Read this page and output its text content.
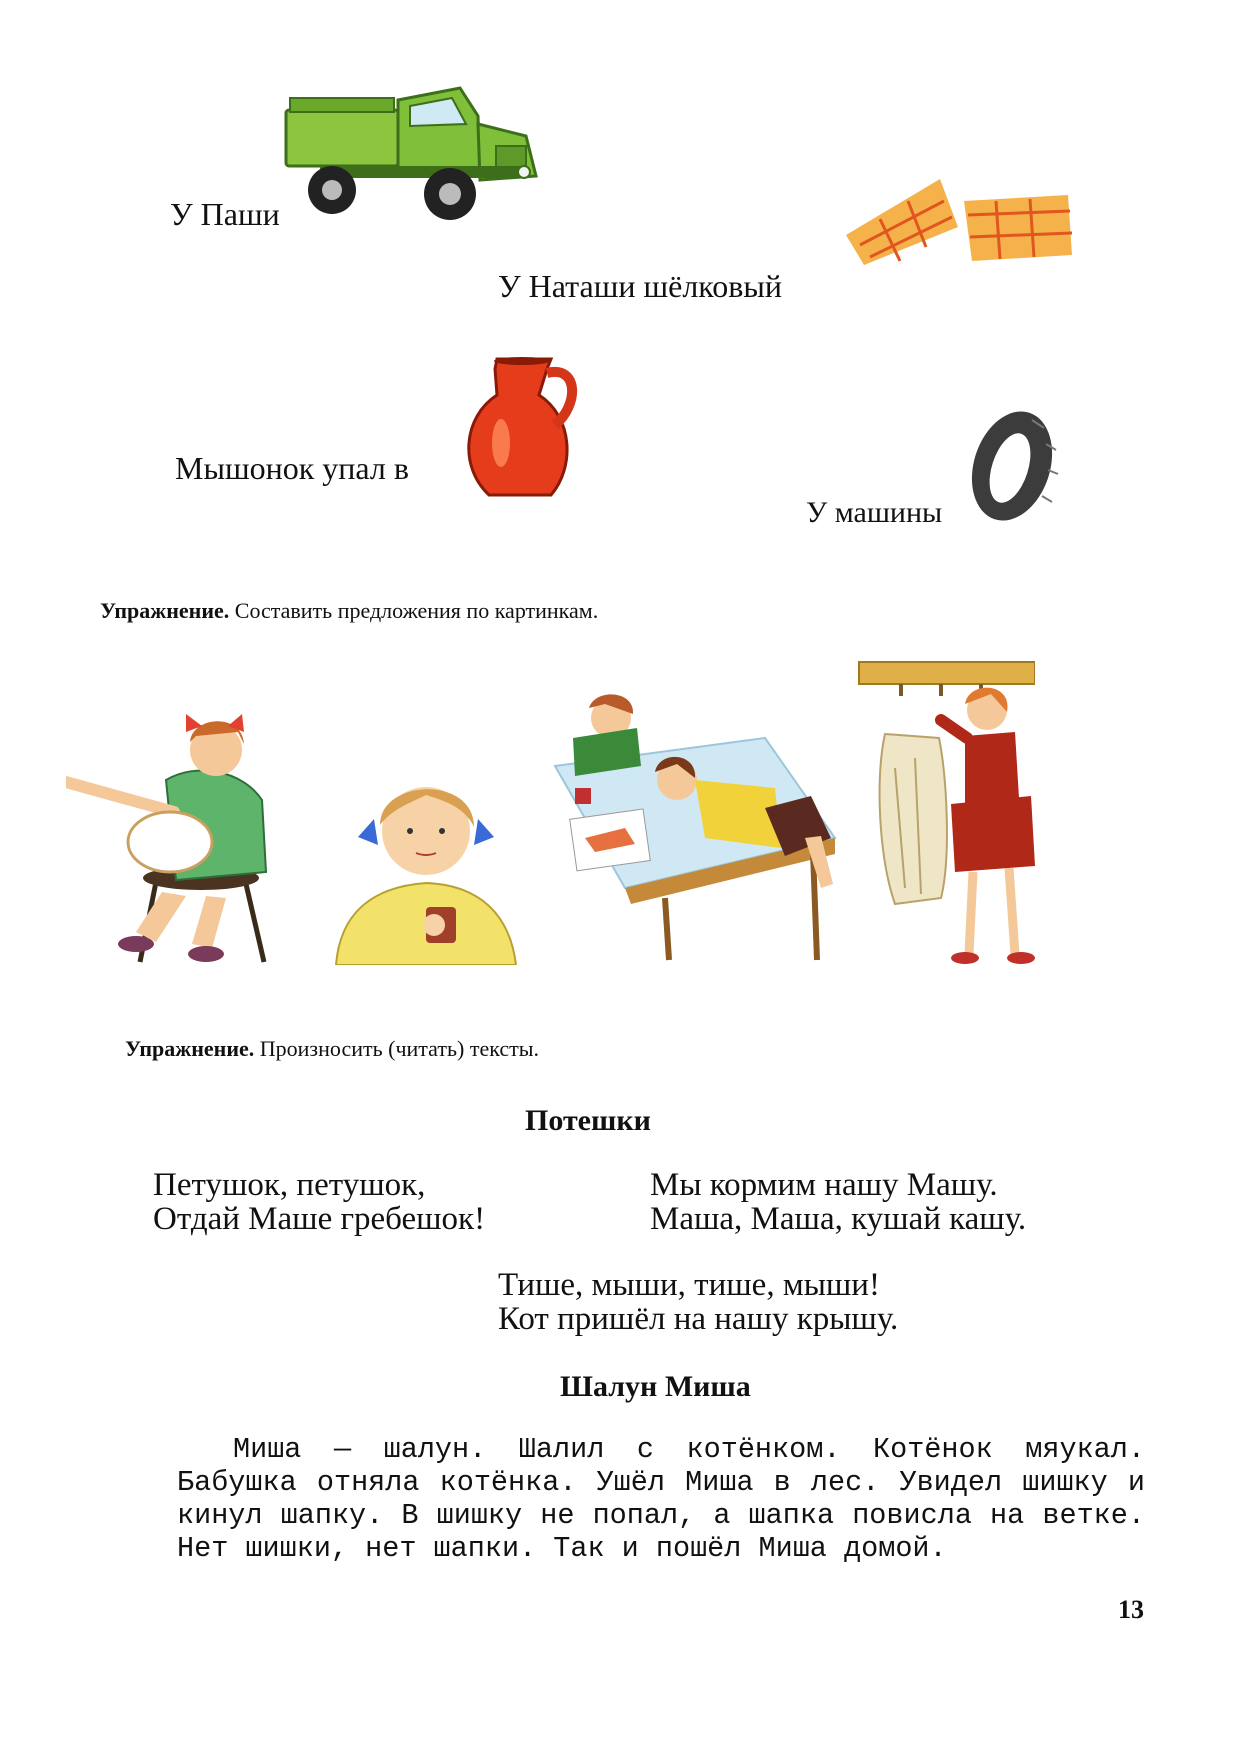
У Паши
У Наташи шёлковый
Мышонок упал в
У машины
Упражнение. Составить предложения по картинкам.
Упражнение. Произносить (читать) тексты.
Потешки
Петушок, петушок,
Отдай Маше гребешок!
Мы кормим нашу Машу.
Маша, Маша, кушай кашу.
Тише, мыши, тише, мыши!
Кот пришёл на нашу крышу.
Шалун Миша

Миша — шалун. Шалил с котёнком. Котёнок мяукал. Бабушка отняла котёнка. Ушёл Миша в лес. Увидел шишку и кинул шапку. В шишку не попал, а шапка повисла на ветке. Нет шишки, нет шапки. Так и пошёл Миша домой.

13
